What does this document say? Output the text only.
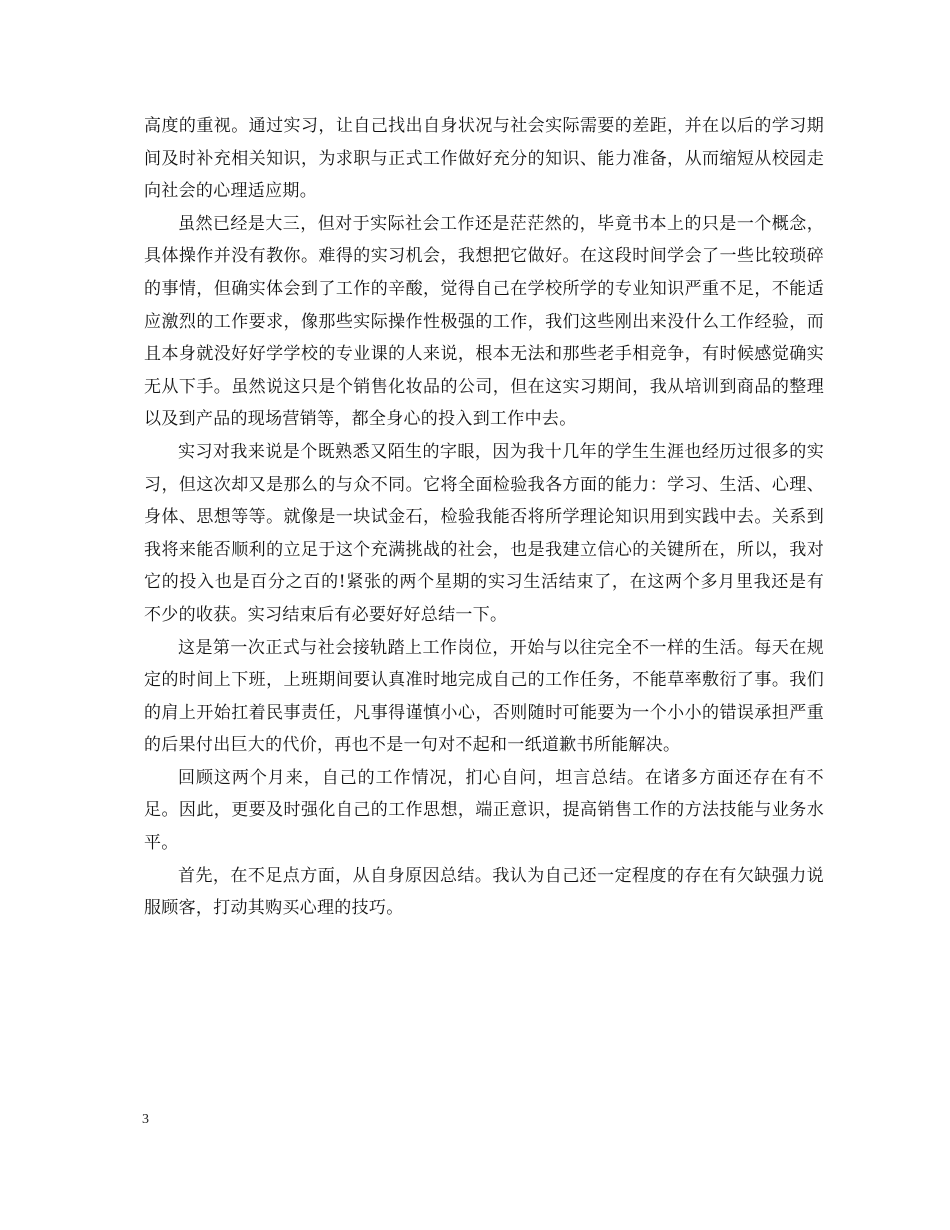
高度的重视。通过实习，让自己找出自身状况与社会实际需要的差距，并在以后的学习期间及时补充相关知识，为求职与正式工作做好充分的知识、能力准备，从而缩短从校园走向社会的心理适应期。

虽然已经是大三，但对于实际社会工作还是茫茫然的，毕竟书本上的只是一个概念，具体操作并没有教你。难得的实习机会，我想把它做好。在这段时间学会了一些比较琐碎的事情，但确实体会到了工作的辛酸，觉得自己在学校所学的专业知识严重不足，不能适应激烈的工作要求，像那些实际操作性极强的工作，我们这些刚出来没什么工作经验，而且本身就没好好学学校的专业课的人来说，根本无法和那些老手相竞争，有时候感觉确实无从下手。虽然说这只是个销售化妆品的公司，但在这实习期间，我从培训到商品的整理以及到产品的现场营销等，都全身心的投入到工作中去。

实习对我来说是个既熟悉又陌生的字眼，因为我十几年的学生生涯也经历过很多的实习，但这次却又是那么的与众不同。它将全面检验我各方面的能力：学习、生活、心理、身体、思想等等。就像是一块试金石，检验我能否将所学理论知识用到实践中去。关系到我将来能否顺利的立足于这个充满挑战的社会，也是我建立信心的关键所在，所以，我对它的投入也是百分之百的!紧张的两个星期的实习生活结束了，在这两个多月里我还是有不少的收获。实习结束后有必要好好总结一下。

这是第一次正式与社会接轨踏上工作岗位，开始与以往完全不一样的生活。每天在规定的时间上下班，上班期间要认真准时地完成自己的工作任务，不能草率敷衍了事。我们的肩上开始扛着民事责任，凡事得谨慎小心，否则随时可能要为一个小小的错误承担严重的后果付出巨大的代价，再也不是一句对不起和一纸道歉书所能解决。

回顾这两个月来，自己的工作情况，扪心自问，坦言总结。在诸多方面还存在有不足。因此，更要及时强化自己的工作思想，端正意识，提高销售工作的方法技能与业务水平。

首先，在不足点方面，从自身原因总结。我认为自己还一定程度的存在有欠缺强力说服顾客，打动其购买心理的技巧。

3
